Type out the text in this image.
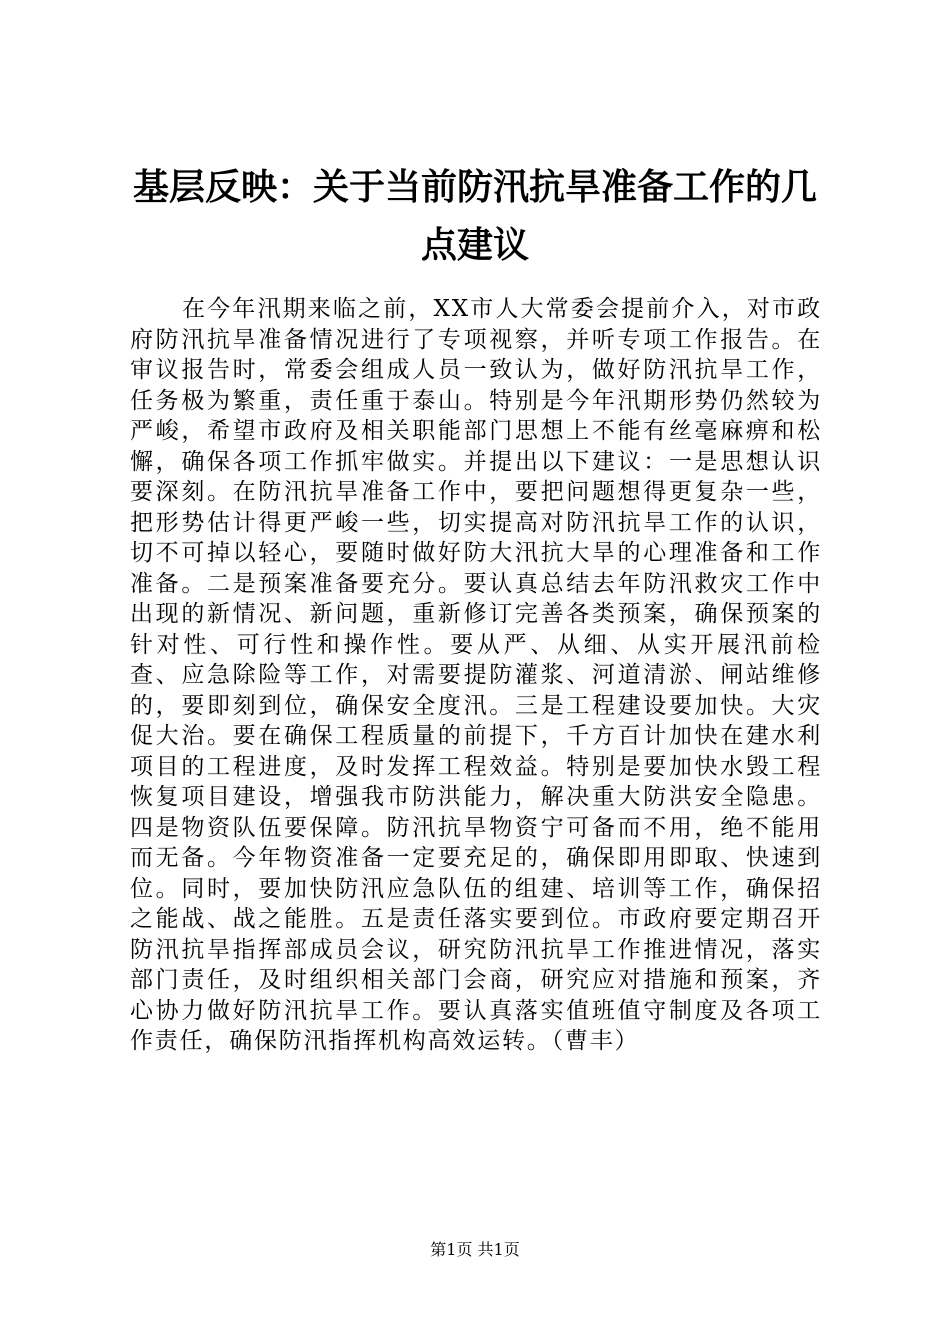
基层反映：关于当前防汛抗旱准备工作的几点建议

在今年汛期来临之前，XX市人大常委会提前介入，对市政府防汛抗旱准备情况进行了专项视察，并听专项工作报告。在审议报告时，常委会组成人员一致认为，做好防汛抗旱工作，任务极为繁重，责任重于泰山。特别是今年汛期形势仍然较为严峻，希望市政府及相关职能部门思想上不能有丝毫麻痹和松懈，确保各项工作抓牢做实。并提出以下建议：一是思想认识要深刻。在防汛抗旱准备工作中，要把问题想得更复杂一些，把形势估计得更严峻一些，切实提高对防汛抗旱工作的认识，切不可掉以轻心，要随时做好防大汛抗大旱的心理准备和工作准备。二是预案准备要充分。要认真总结去年防汛救灾工作中出现的新情况、新问题，重新修订完善各类预案，确保预案的针对性、可行性和操作性。要从严、从细、从实开展汛前检查、应急除险等工作，对需要提防灌浆、河道清淤、闸站维修的，要即刻到位，确保安全度汛。三是工程建设要加快。大灾促大治。要在确保工程质量的前提下，千方百计加快在建水利项目的工程进度，及时发挥工程效益。特别是要加快水毁工程恢复项目建设，增强我市防洪能力，解决重大防洪安全隐患。四是物资队伍要保障。防汛抗旱物资宁可备而不用，绝不能用而无备。今年物资准备一定要充足的，确保即用即取、快速到位。同时，要加快防汛应急队伍的组建、培训等工作，确保招之能战、战之能胜。五是责任落实要到位。市政府要定期召开防汛抗旱指挥部成员会议，研究防汛抗旱工作推进情况，落实部门责任，及时组织相关部门会商，研究应对措施和预案，齐心协力做好防汛抗旱工作。要认真落实值班值守制度及各项工作责任，确保防汛指挥机构高效运转。（曹丰）

第1页 共1页
